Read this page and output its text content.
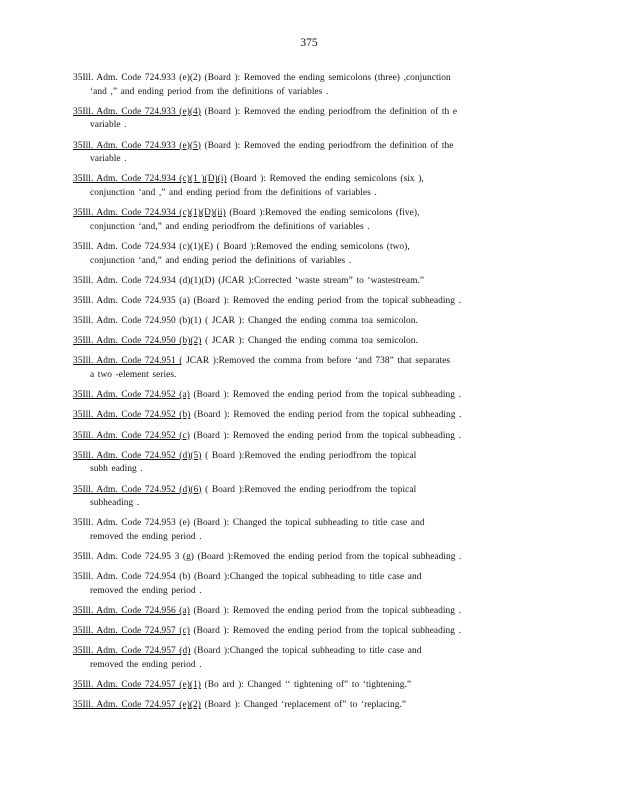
375
35Ill. Adm. Code 724.933 (e)(2) (Board ): Removed the ending semicolons (three) ,conjunction
‘and ,” and ending period from the definitions of variables .
35Ill. Adm. Code 724.933 (e)(4) (Board ): Removed the ending periodfrom the definition of th e
variable .
35Ill. Adm. Code 724.933 (e)(5) (Board ): Removed the ending periodfrom the definition of the
variable .
35Ill. Adm. Code 724.934 (c)(1 )(D)(i) (Board ): Removed the ending semicolons (six ),
conjunction ‘and ,” and ending period from the definitions of variables .
35Ill. Adm. Code 724.934 (c)(1)(D)(ii) (Board ):Removed the ending semicolons (five),
conjunction ‘and,” and ending periodfrom the definitions of variables .
35Ill. Adm. Code 724.934 (c)(1)(E) ( Board ):Removed the ending semicolons (two),
conjunction ‘and,” and ending period the definitions of variables .
35Ill. Adm. Code 724.934 (d)(1)(D) (JCAR ):Corrected ‘waste stream” to ‘wastestream.”
35Ill. Adm. Code 724.935 (a) (Board ): Removed the ending period from the topical subheading .
35Ill. Adm. Code 724.950 (b)(1) ( JCAR ): Changed the ending comma toa semicolon.
35Ill. Adm. Code 724.950 (b)(2) ( JCAR ): Changed the ending comma toa semicolon.
35Ill. Adm. Code 724.951 ( JCAR ):Removed the comma from before ‘and 738” that separates
a two -element series.
35Ill. Adm. Code 724.952 (a) (Board ): Removed the ending period from the topical subheading .
35Ill. Adm. Code 724.952 (b) (Board ): Removed the ending period from the topical subheading .
35Ill. Adm. Code 724.952 (c) (Board ): Removed the ending period from the topical subheading .
35Ill. Adm. Code 724.952 (d)(5) ( Board ):Removed the ending periodfrom the topical
subh eading .
35Ill. Adm. Code 724.952 (d)(6) ( Board ):Removed the ending periodfrom the topical
subheading .
35Ill. Adm. Code 724.953 (e) (Board ): Changed the topical subheading to title case and
removed the ending period .
35Ill. Adm. Code 724.95 3 (g) (Board ):Removed the ending period from the topical subheading .
35Ill. Adm. Code 724.954 (b) (Board ):Changed the topical subheading to title case and
removed the ending period .
35Ill. Adm. Code 724.956 (a) (Board ): Removed the ending period from the topical subheading .
35Ill. Adm. Code 724.957 (c) (Board ): Removed the ending period from the topical subheading .
35Ill. Adm. Code 724.957 (d) (Board ):Changed the topical subheading to title case and
removed the ending period .
35Ill. Adm. Code 724.957 (e)(1) (Bo ard ): Changed ‘‘ tightening of” to ‘tightening.”
35Ill. Adm. Code 724.957 (e)(2) (Board ): Changed ‘replacement of” to ‘replacing.”
